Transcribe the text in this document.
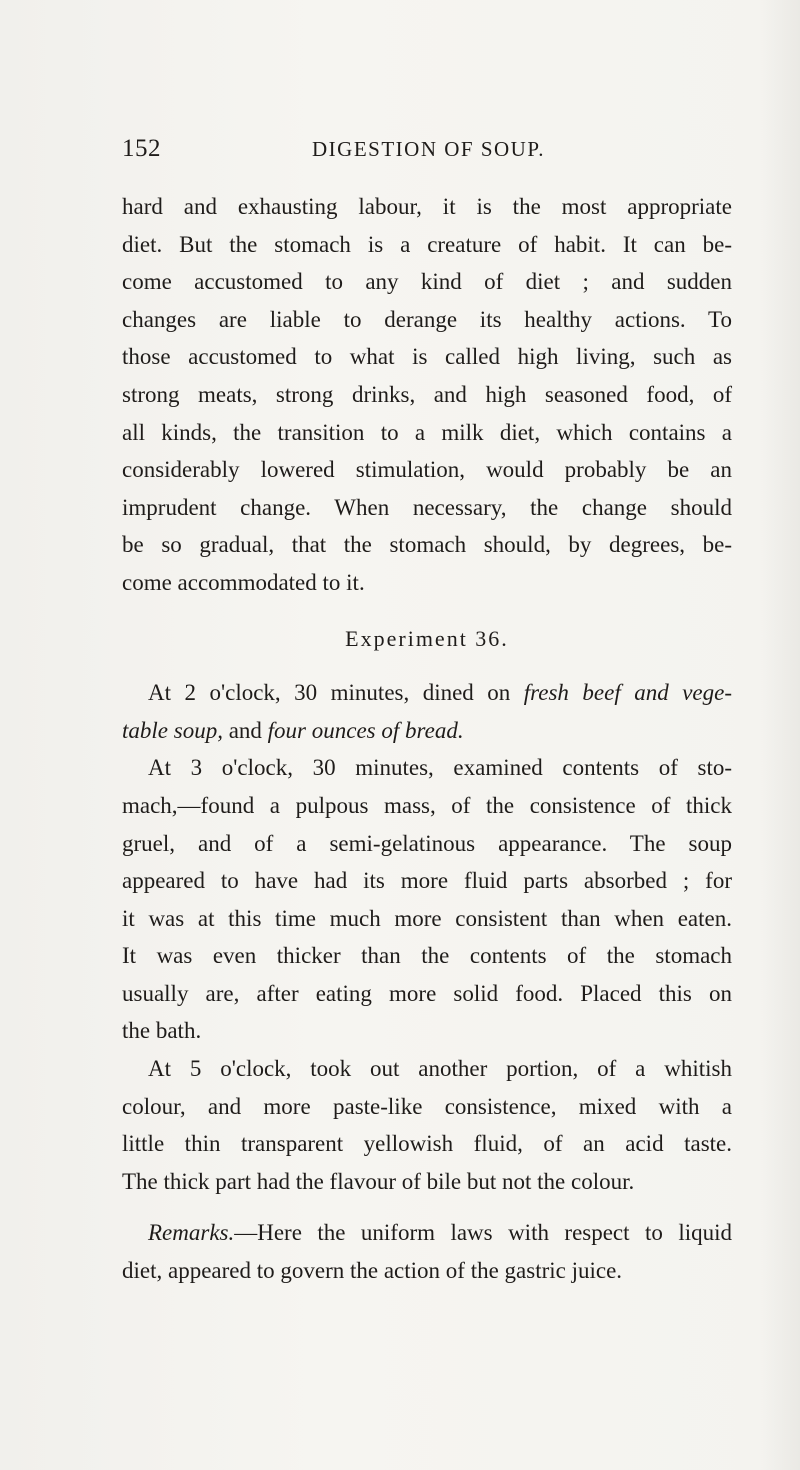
152	DIGESTION OF SOUP.
hard and exhausting labour, it is the most appropriate
diet. But the stomach is a creature of habit. It can be-
come accustomed to any kind of diet ; and sudden
changes are liable to derange its healthy actions. To
those accustomed to what is called high living, such as
strong meats, strong drinks, and high seasoned food, of
all kinds, the transition to a milk diet, which contains a
considerably lowered stimulation, would probably be an
imprudent change. When necessary, the change should
be so gradual, that the stomach should, by degrees, be-
come accommodated to it.
Experiment 36.
At 2 o'clock, 30 minutes, dined on fresh beef and vege-
table soup, and four ounces of bread.
At 3 o'clock, 30 minutes, examined contents of sto-
mach,—found a pulpous mass, of the consistence of thick
gruel, and of a semi-gelatinous appearance. The soup
appeared to have had its more fluid parts absorbed ; for
it was at this time much more consistent than when eaten.
It was even thicker than the contents of the stomach
usually are, after eating more solid food. Placed this on
the bath.
At 5 o'clock, took out another portion, of a whitish
colour, and more paste-like consistence, mixed with a
little thin transparent yellowish fluid, of an acid taste.
The thick part had the flavour of bile but not the colour.
Remarks.—Here the uniform laws with respect to liquid
diet, appeared to govern the action of the gastric juice.
